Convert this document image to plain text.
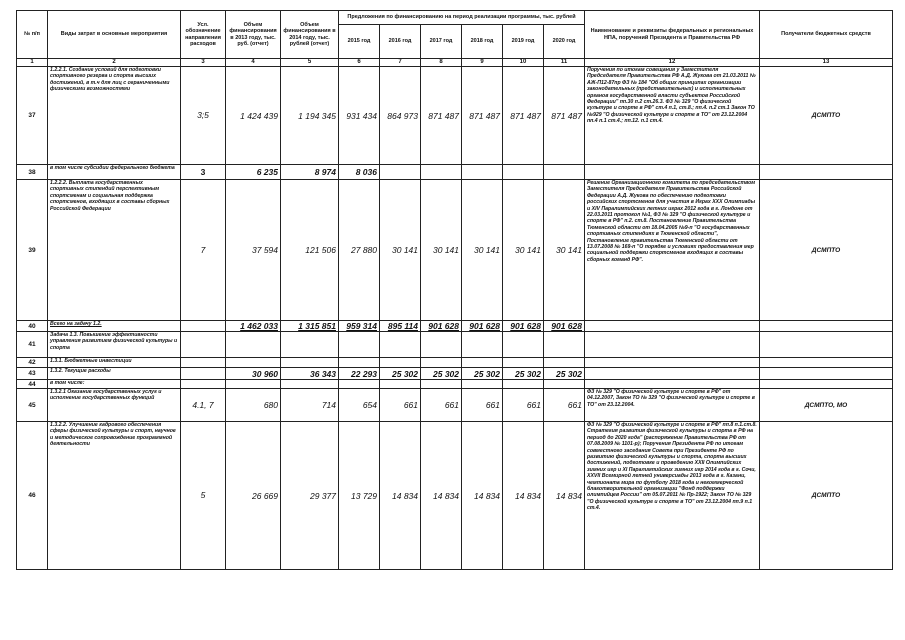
№ п/п	Виды затрат в основные мероприятия	Усл. обозначение направления расходов	Объем финансирования в 2013 году, тыс. руб. (отчет)	Объем финансирования в 2014 году, тыс. рублей (отчет)	Предложения по финансированию на период реализации программы, тыс. рублей						Наименование и реквизиты федеральных и региональных НПА, поручений Президента и Правительства РФ	Получатели бюджетных средств
					2015 год	2016 год	2017 год	2018 год	2019 год	2020 год		
1	2	3	4	5	6	7	8	9	10	11	12	13
37	1.2.2.1. Создание условий для подготовки спортивного резерва и спорта высших достижений, в т.ч для лиц с ограниченными физическими возможностями	3;5	1 424 439	1 194 345	931 434	864 973	871 487	871 487	871 487	871 487	Поручения по итогам совещания у Заместителя Председателя Правительства РФ А.Д. Жукова от 21.03.2011 № АЖ-П12-87пр ФЗ № 184 "Об общих принципах организации законодательных (представительных) и исполнительных органов государственной власти субъектов Российской Федерации" пп.30 п.2 ст.26.3. ФЗ № 329 "О физической культуре и спорте в РФ" ст.4 п.1, ст.8.; пп.4. п.2 ст.1 Закон ТО №929 "О физической культуре и спорте в ТО" от 23.12.2004 пп.4 п.1 ст.4.; пп.12. п.1 ст.4.	ДСМПТО
38	в том числе субсидии федерального бюджета	3	6 235	8 974	8 036							
39	1.2.2.2. Выплата государственных спортивных стипендий перспективным спортсменам и социальная поддержка спортсменов, входящих в составы сборных Российской Федерации	7	37 594	121 506	27 880	30 141	30 141	30 141	30 141	30 141	Решение Организационного комитета по председательством Заместителя Председателя Правительства Российской Федерации А.Д. Жукова по обеспечению подготовки российских спортсменов для участия в Играх XXX Олимпиады и XIV Паралимпийских летних играх 2012 года в г. Лондоне от 22.03.2011 протокол №1, ФЗ № 329 "О физической культуре и спорте в РФ" п.2. ст.8. Постановление Правительства Тюменской области от 18.04.2005 №9-п "О государственных спортивных стипендиях в Тюменской области", Постановление правительства Тюменской области от 13.07.2008 № 169-п "О порядке и условиях предоставления мер социальной поддержки спортсменов входящих в составы сборных команд РФ".	ДСМПТО
40	Всего на задачу 1.2.		1 462 033	1 315 851	959 314	895 114	901 628	901 628	901 628	901 628		
41	Задача 1.3. Повышение эффективности управления развитием физической культуры и спорта											
42	1.3.1. Бюджетные инвестиции											
43	1.3.2. Текущие расходы		30 960	36 343	22 293	25 302	25 302	25 302	25 302	25 302		
44	в том числе:											
45	1.3.2.1 Оказание государственных услуг и исполнение государственных функций	4.1, 7	680	714	654	661	661	661	661	661	ФЗ № 329 "О физической культуре и спорте в РФ" от 04.12.2007, Закон ТО № 329 "О физической культуре и спорте в ТО" от 23.12.2004.	ДСМПТО, МО
46	1.3.2.2. Улучшение кадрового обеспечения сферы физической культуры и спорт, научное и методическое сопровождение программной деятельности	5	26 669	29 377	13 729	14 834	14 834	14 834	14 834	14 834	ФЗ № 329 "О физической культуре и спорте в РФ" пп.8 п.1.ст.8. Стратегия развития физической культуры и спорта в РФ на период до 2020 года" (распоряжение Правительства РФ от 07.08.2009 № 1101-р); Поручения Президента РФ по итогам совместного заседания Совета при Президенте РФ по развитию физической культуры и спорта, спорта высших достижений, подготовке и проведению XXII Олимпийских зимних игр и XI Паралимпийских зимних игр 2014 года в г. Сочи, XXVII Всемирной летней универсиады 2013 года в г. Казани, чемпионата мира по футболу 2018 года и некоммерческой благотворительной организации "Фонд поддержки олимпийцев России" от 05.07.2011 № Пр-1922; Закон ТО № 329 "О физической культуре и спорте в ТО" от 23.12.2004 пп.9 п.1 ст.4.	ДСМПТО
